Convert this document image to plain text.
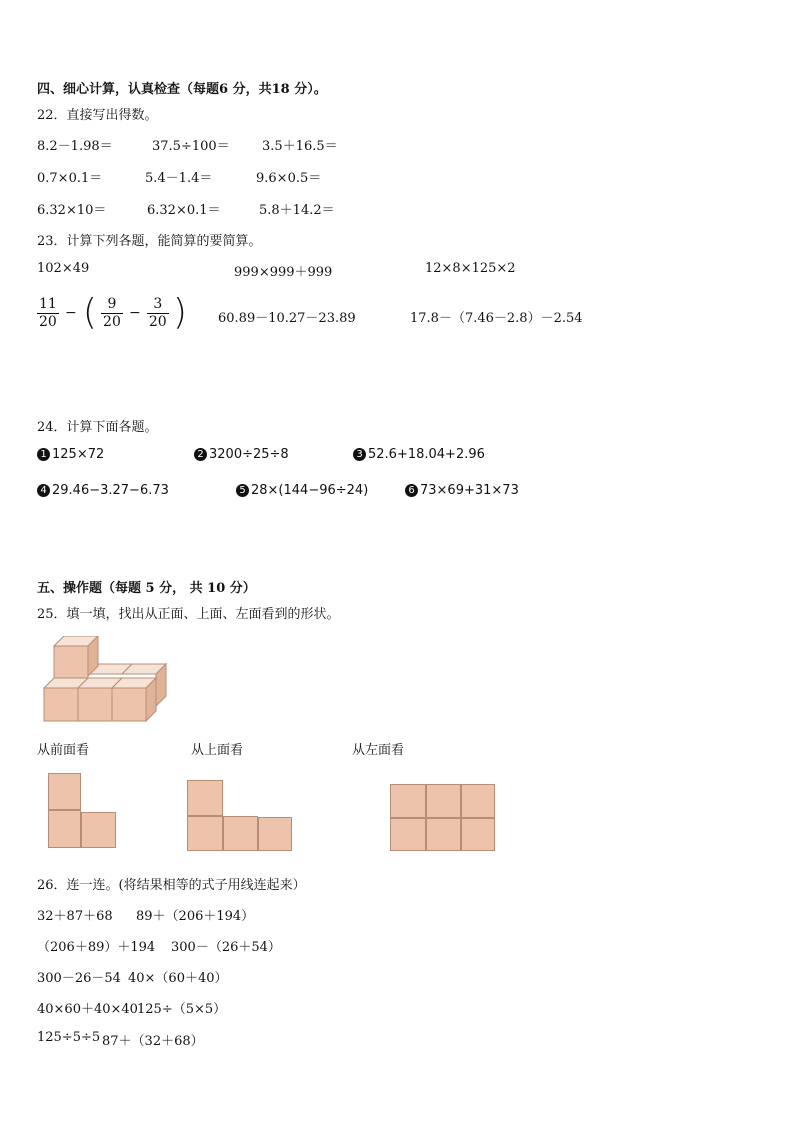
四、细心计算，认真检查（每题6 分，共18 分）。
22．直接写出得数。
8.2－1.98＝	37.5÷100＝ 3.5＋16.5＝
0.7×0.1＝	5.4－1.4＝	9.6×0.5＝
6.32×10＝	6.32×0.1＝	5.8＋14.2＝
23．计算下列各题，能简算的要简算。
102×49	999×999＋999	12×8×125×2
$\frac{11}{20}$ − ( $\frac{9}{20} - \frac{3}{20}$ ) 60.89－10.27－23.89	17.8－（7.46－2.8）－2.54
24．计算下面各题。
1 125×72	2 3200÷25÷8	3 52.6+18.04+2.96
4 29.46−3.27−6.73	5 28×(144−96÷24)	6 73×69+31×73
五、操作题（每题 5 分， 共 10 分）
25．填一填，找出从正面、上面、左面看到的形状。
从前面看	从上面看	从左面看
26．连一连。(将结果相等的式子用线连起来）
32＋87＋68 89＋（206＋194）
（206＋89）＋194 300－（26＋54）
300－26－54 40×（60＋40）
40×60＋40×40 125÷（5×5）
125÷5÷5 87＋（32＋68）
